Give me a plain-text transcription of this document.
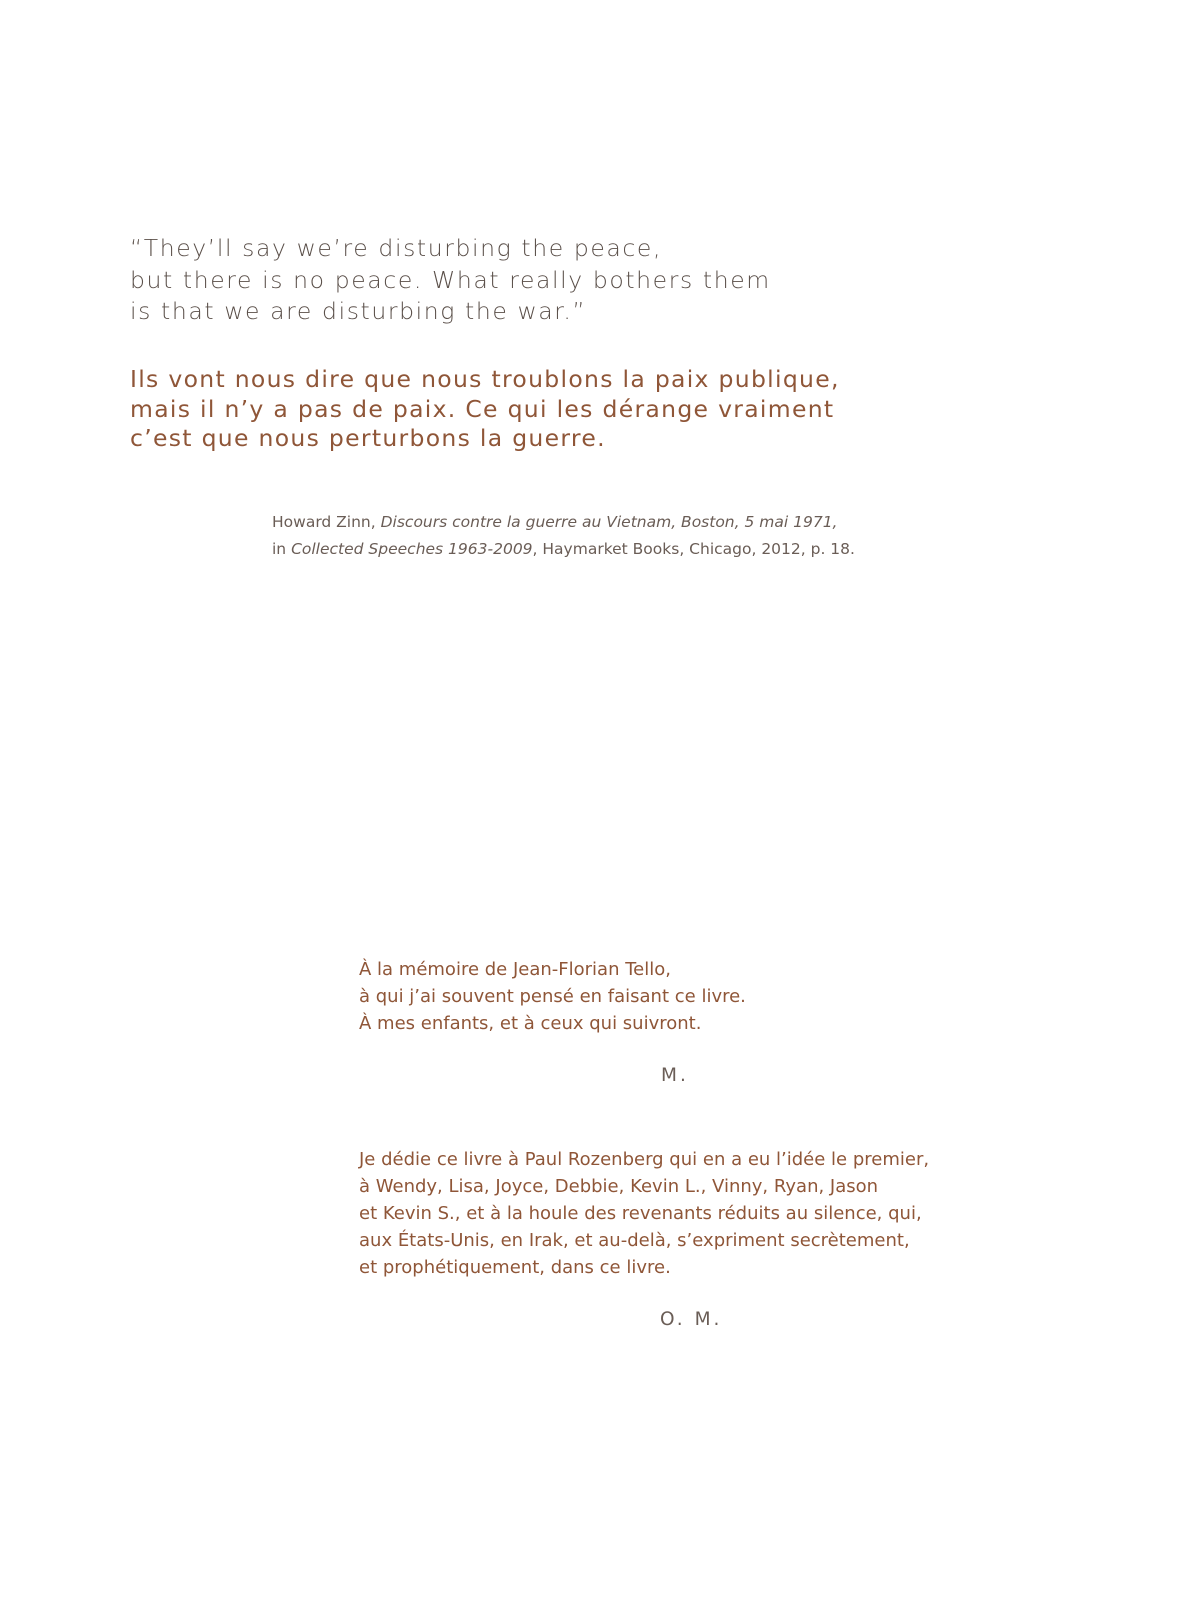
“They’ll say we’re disturbing the peace,
but there is no peace. What really bothers them
is that we are disturbing the war.”
Ils vont nous dire que nous troublons la paix publique,
mais il n’y a pas de paix. Ce qui les dérange vraiment
c’est que nous perturbons la guerre.
Howard Zinn, Discours contre la guerre au Vietnam, Boston, 5 mai 1971,
in Collected Speeches 1963-2009, Haymarket Books, Chicago, 2012, p. 18.
À la mémoire de Jean-Florian Tello,
à qui j’ai souvent pensé en faisant ce livre.
À mes enfants, et à ceux qui suivront.
M.
Je dédie ce livre à Paul Rozenberg qui en a eu l’idée le premier,
à Wendy, Lisa, Joyce, Debbie, Kevin L., Vinny, Ryan, Jason
et Kevin S., et à la houle des revenants réduits au silence, qui,
aux États-Unis, en Irak, et au-delà, s’expriment secrètement,
et prophétiquement, dans ce livre.
O. M.
